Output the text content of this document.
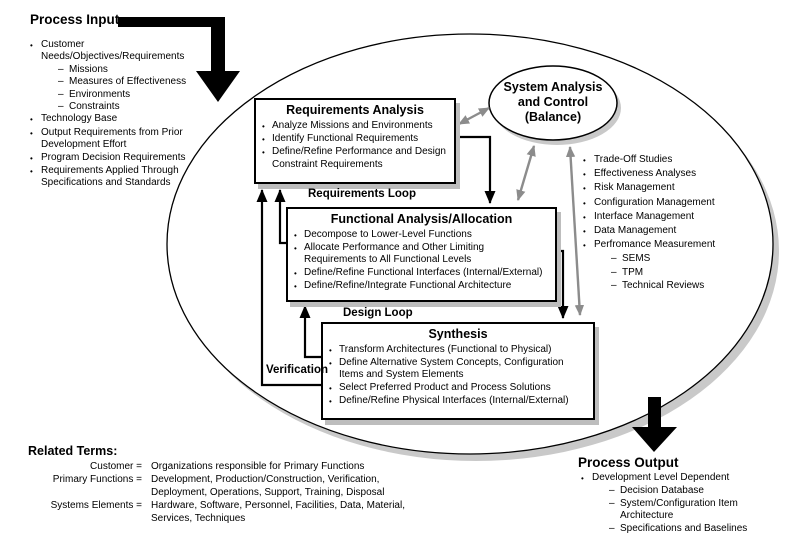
Process Input
• Customer Needs/Objectives/Requirements
– Missions
– Measures of Effectiveness
– Environments
– Constraints
• Technology Base
• Output Requirements from Prior Development Effort
• Program Decision Requirements
• Requirements Applied Through Specifications and Standards
Requirements Analysis
• Analyze Missions and Environments
• Identify Functional Requirements
• Define/Refine Performance and Design Constraint Requirements
System Analysis
and Control
(Balance)
Requirements Loop
Functional Analysis/Allocation
• Decompose to Lower-Level Functions
• Allocate Performance and Other Limiting Requirements to All Functional Levels
• Define/Refine Functional Interfaces (Internal/External)
• Define/Refine/Integrate Functional Architecture
• Trade-Off Studies
• Effectiveness Analyses
• Risk Management
• Configuration Management
• Interface Management
• Data Management
• Perfromance Measurement
– SEMS
– TPM
– Technical Reviews
Design Loop
Synthesis
• Transform Architectures (Functional to Physical)
• Define Alternative System Concepts, Configuration Items and System Elements
• Select Preferred Product and Process Solutions
• Define/Refine Physical Interfaces (Internal/External)
Verification
Process Output
• Development Level Dependent
– Decision Database
– System/Configuration Item Architecture
– Specifications and Baselines
Related Terms:
Customer = Organizations responsible for Primary Functions
Primary Functions = Development, Production/Construction, Verification, Deployment, Operations, Support, Training, Disposal
Systems Elements = Hardware, Software, Personnel, Facilities, Data, Material, Services, Techniques
